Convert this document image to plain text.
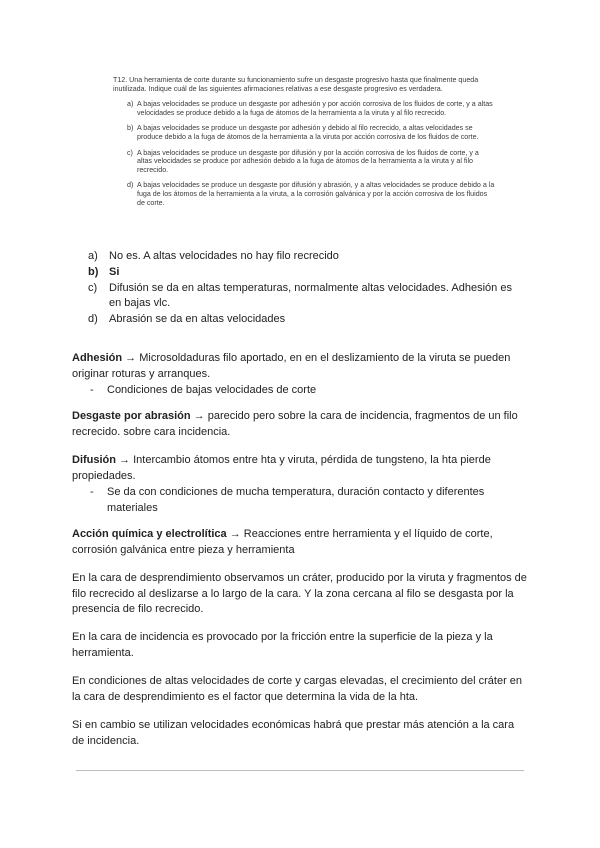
T12. Una herramienta de corte durante su funcionamiento sufre un desgaste progresivo hasta que finalmente queda inutilizada. Indique cuál de las siguientes afirmaciones relativas a ese desgaste progresivo es verdadera.
a) A bajas velocidades se produce un desgaste por adhesión y por acción corrosiva de los fluidos de corte, y a altas velocidades se produce debido a la fuga de átomos de la herramienta a la viruta y al filo recrecido.
b) A bajas velocidades se produce un desgaste por adhesión y debido al filo recrecido, a altas velocidades se produce debido a la fuga de átomos de la herramienta a la viruta por acción corrosiva de los fluidos de corte.
c) A bajas velocidades se produce un desgaste por difusión y por la acción corrosiva de los fluidos de corte, y a altas velocidades se produce por adhesión debido a la fuga de átomos de la herramienta a la viruta y al filo recrecido.
d) A bajas velocidades se produce un desgaste por difusión y abrasión, y a altas velocidades se produce debido a la fuga de los átomos de la herramienta a la viruta, a la corrosión galvánica y por la acción corrosiva de los fluidos de corte.
a) No es. A altas velocidades no hay filo recrecido
b) Si
c) Difusión se da en altas temperaturas, normalmente altas velocidades. Adhesión es en bajas vlc.
d) Abrasión se da en altas velocidades
Adhesión → Microsoldaduras filo aportado, en en el deslizamiento de la viruta se pueden originar roturas y arranques.
- Condiciones de bajas velocidades de corte
Desgaste por abrasión → parecido pero sobre la cara de incidencia, fragmentos de un filo recrecido. sobre cara incidencia.
Difusión → Intercambio átomos entre hta y viruta, pérdida de tungsteno, la hta pierde propiedades.
- Se da con condiciones de mucha temperatura, duración contacto y diferentes materiales
Acción química y electrolítica → Reacciones entre herramienta y el líquido de corte, corrosión galvánica entre pieza y herramienta
En la cara de desprendimiento observamos un cráter, producido por la viruta y fragmentos de filo recrecido al deslizarse a lo largo de la cara. Y la zona cercana al filo se desgasta por la presencia de filo recrecido.
En la cara de incidencia es provocado por la fricción entre la superficie de la pieza y la herramienta.
En condiciones de altas velocidades de corte y cargas elevadas, el crecimiento del cráter en la cara de desprendimiento es el factor que determina la vida de la hta.
Si en cambio se utilizan velocidades económicas habrá que prestar más atención a la cara de incidencia.
